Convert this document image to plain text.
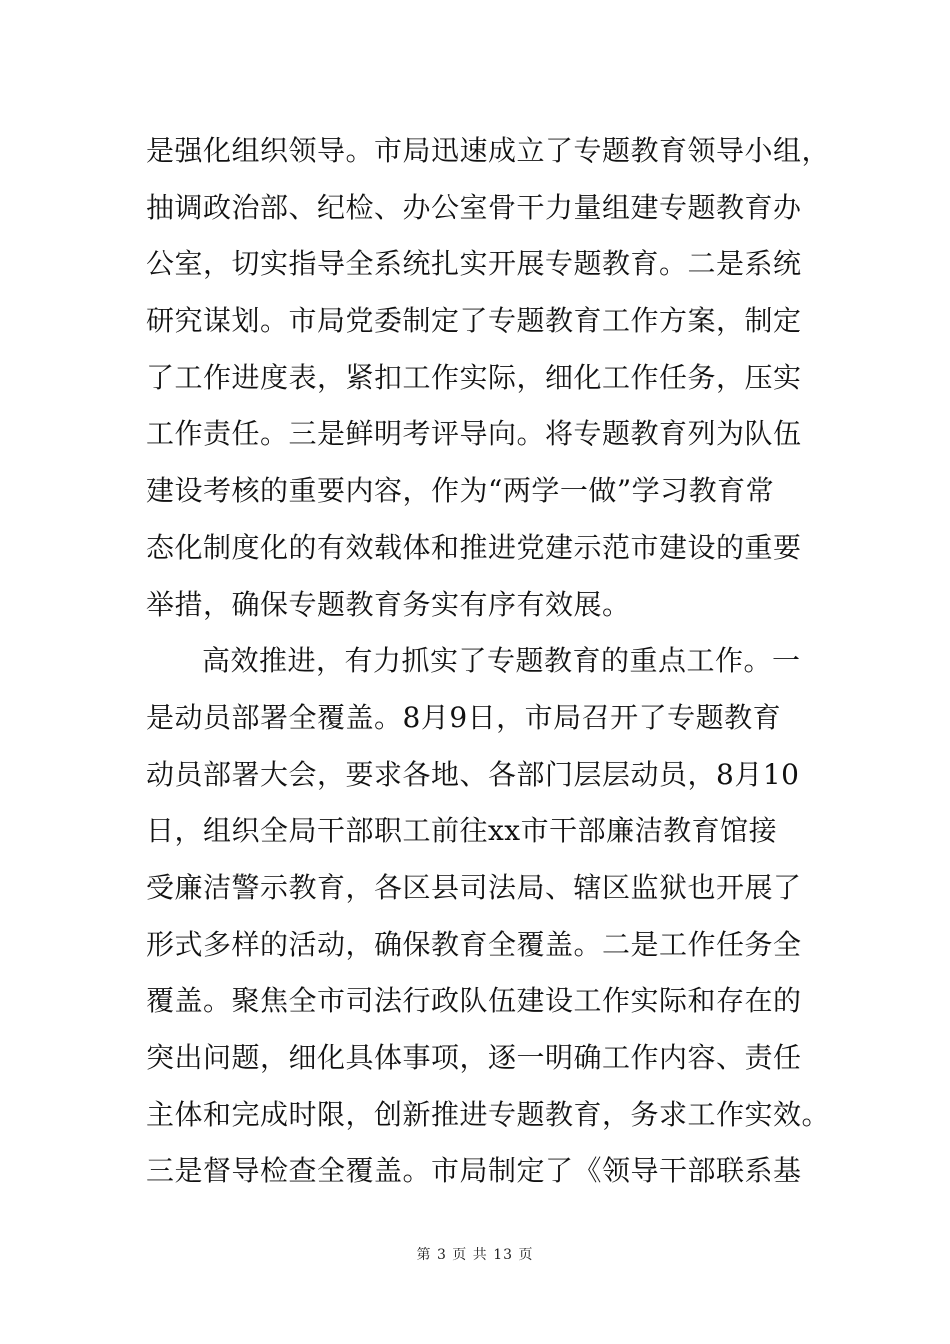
是强化组织领导。市局迅速成立了专题教育领导小组，
抽调政治部、纪检、办公室骨干力量组建专题教育办
公室，切实指导全系统扎实开展专题教育。二是系统
研究谋划。市局党委制定了专题教育工作方案，制定
了工作进度表，紧扣工作实际，细化工作任务，压实
工作责任。三是鲜明考评导向。将专题教育列为队伍
建设考核的重要内容，作为“两学一做”学习教育常
态化制度化的有效载体和推进党建示范市建设的重要
举措，确保专题教育务实有序有效展。
高效推进，有力抓实了专题教育的重点工作。一
是动员部署全覆盖。8月9日，市局召开了专题教育
动员部署大会，要求各地、各部门层层动员，8月10
日，组织全局干部职工前往xx市干部廉洁教育馆接
受廉洁警示教育，各区县司法局、辖区监狱也开展了
形式多样的活动，确保教育全覆盖。二是工作任务全
覆盖。聚焦全市司法行政队伍建设工作实际和存在的
突出问题，细化具体事项，逐一明确工作内容、责任
主体和完成时限，创新推进专题教育，务求工作实效。
三是督导检查全覆盖。市局制定了《领导干部联系基
第 3 页 共 13 页
